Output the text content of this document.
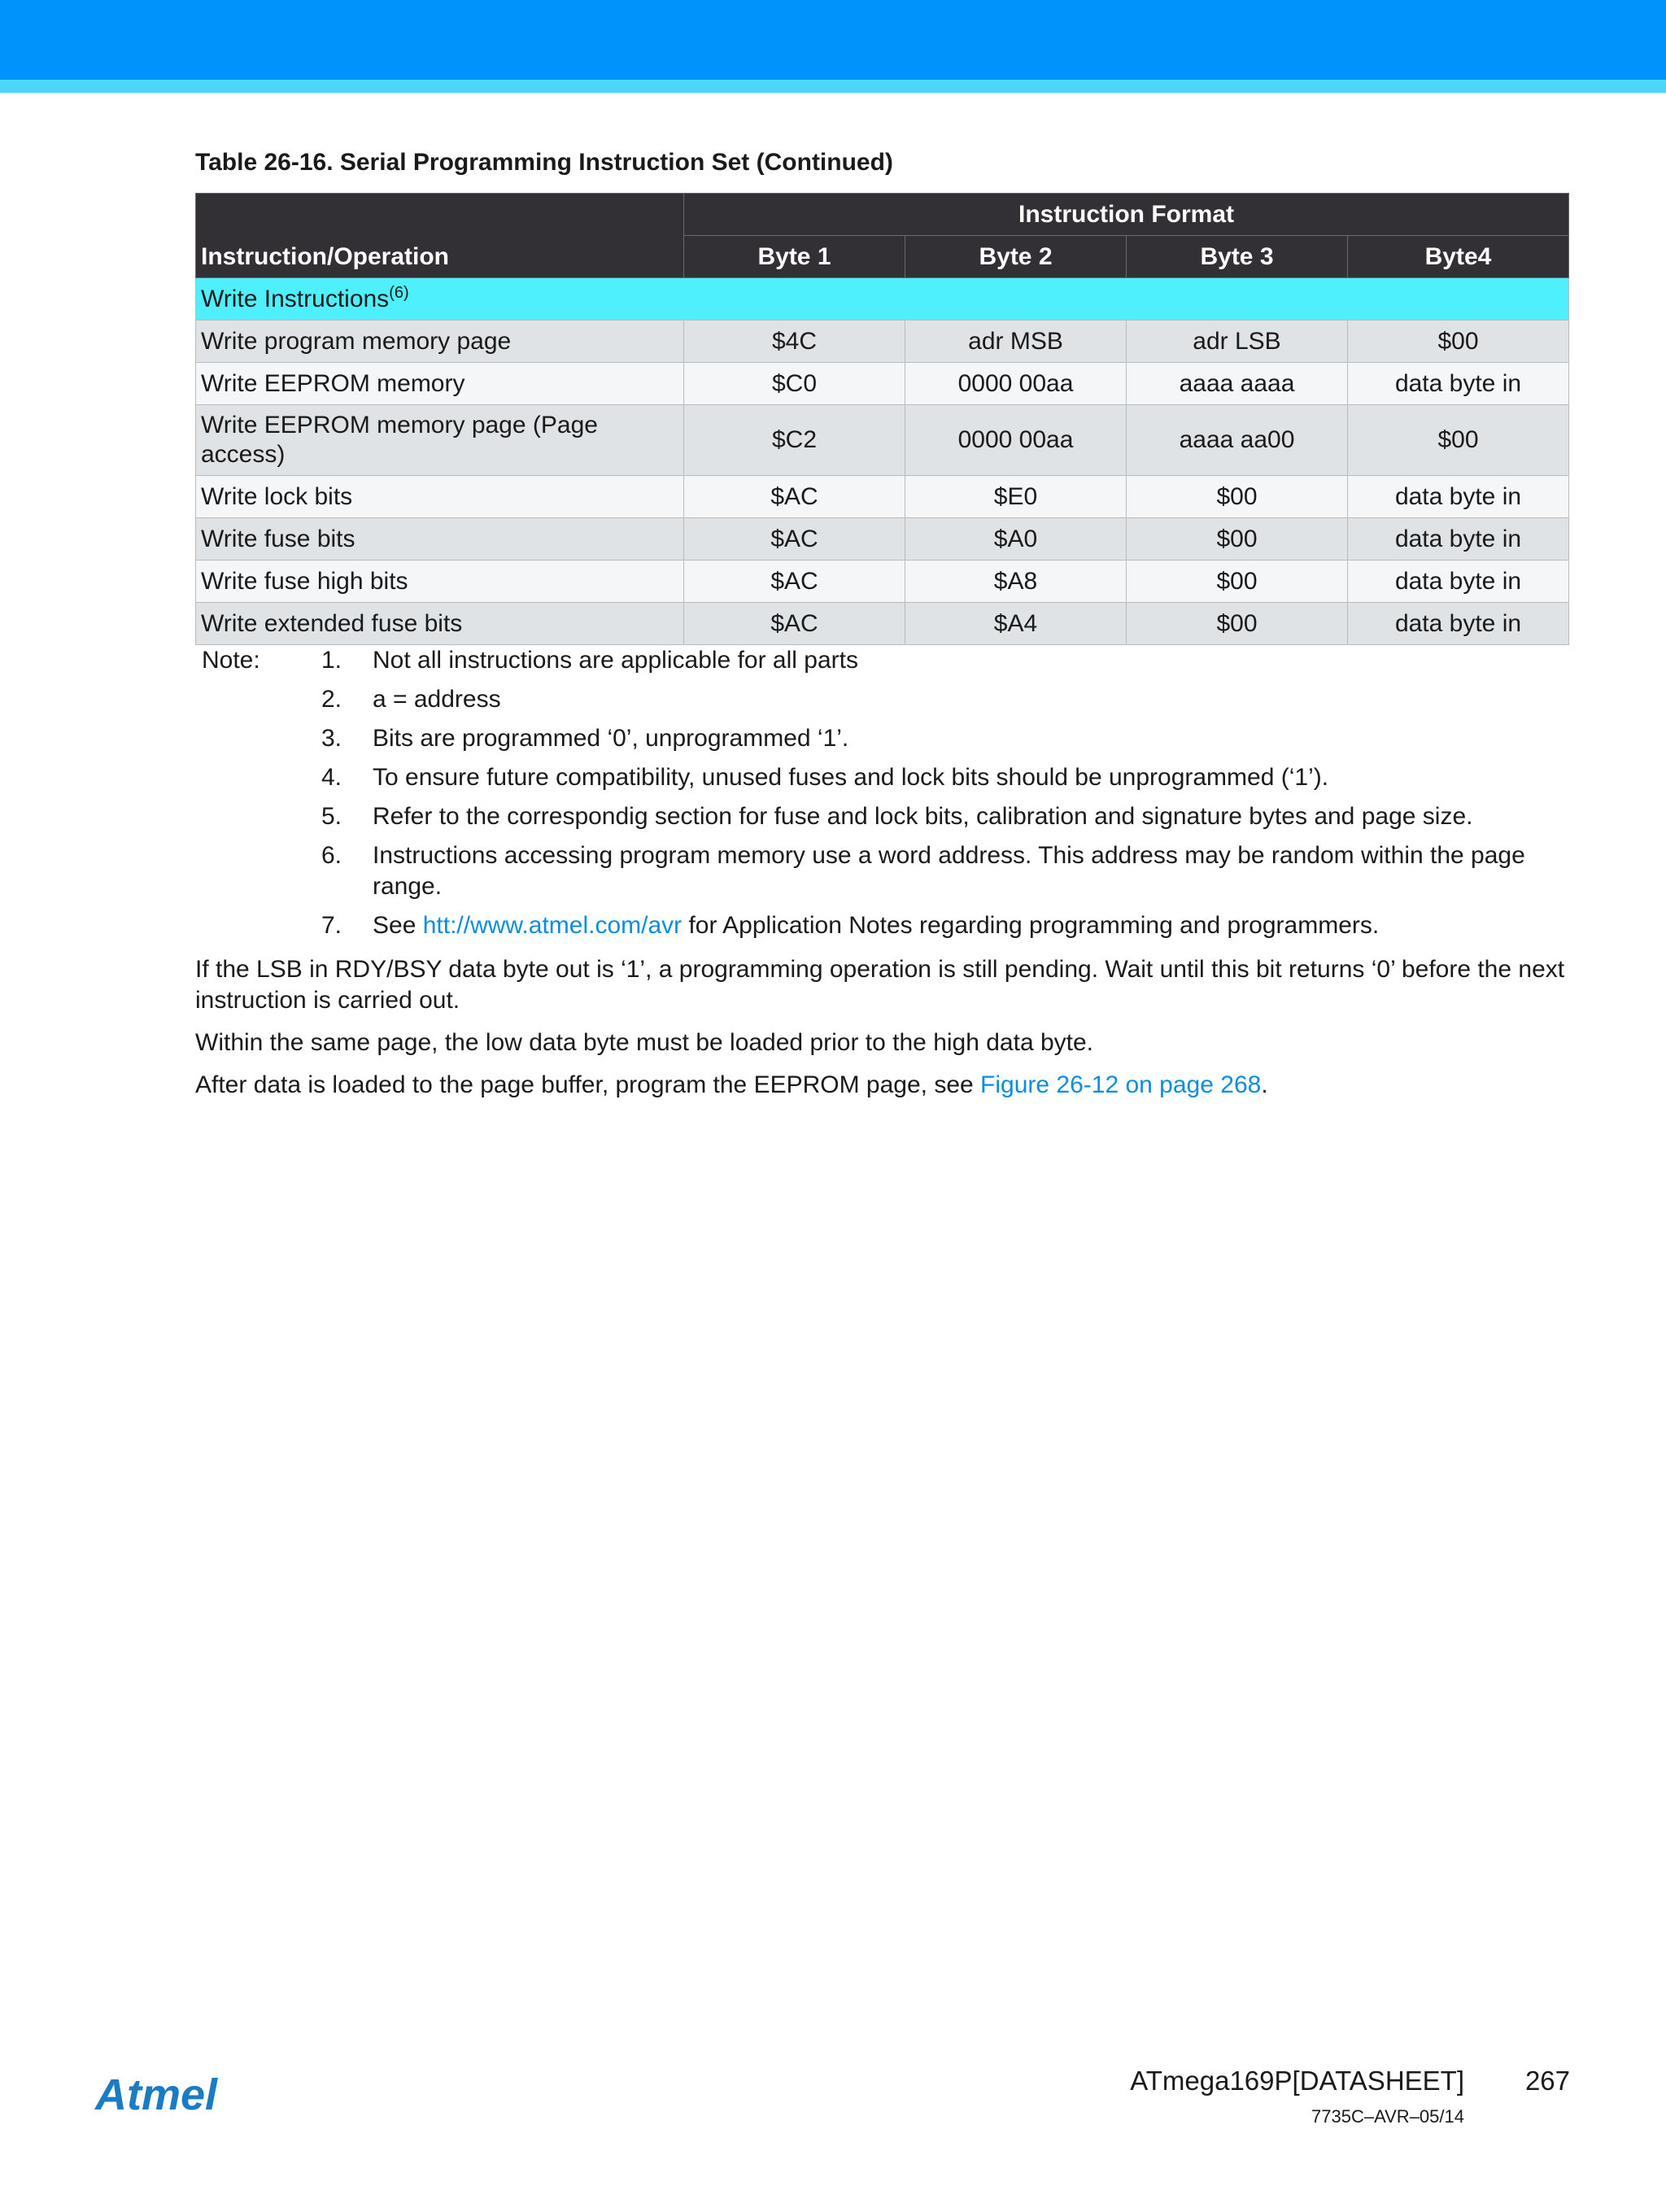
Table 26-16. Serial Programming Instruction Set (Continued)
Instruction/Operation	Instruction Format			
	Byte 1	Byte 2	Byte 3	Byte4
Write Instructions$^{(6)}$
Write program memory page	$4C	adr MSB	adr LSB	$00
Write EEPROM memory	$C0	0000 00aa	aaaa aaaa	data byte in
Write EEPROM memory page (Page access)	$C2	0000 00aa	aaaa aa00	$00
Write lock bits	$AC	$E0	$00	data byte in
Write fuse bits	$AC	$A0	$00	data byte in
Write fuse high bits	$AC	$A8	$00	data byte in
Write extended fuse bits	$AC	$A4	$00	data byte in
Note:	1.	Not all instructions are applicable for all parts
2.	a = address
3.	Bits are programmed ‘0’, unprogrammed ‘1’.
4.	To ensure future compatibility, unused fuses and lock bits should be unprogrammed (‘1’).
5.	Refer to the correspondig section for fuse and lock bits, calibration and signature bytes and page size.
6.	Instructions accessing program memory use a word address. This address may be random within the page range.
7.	See htt://www.atmel.com/avr for Application Notes regarding programming and programmers.

If the LSB in RDY/BSY data byte out is ‘1’, a programming operation is still pending. Wait until this bit returns ‘0’ before the next instruction is carried out.

Within the same page, the low data byte must be loaded prior to the high data byte.

After data is loaded to the page buffer, program the EEPROM page, see Figure 26-12 on page 268.

Atmel	ATmega169P[DATASHEET]	267
7735C–AVR–05/14
